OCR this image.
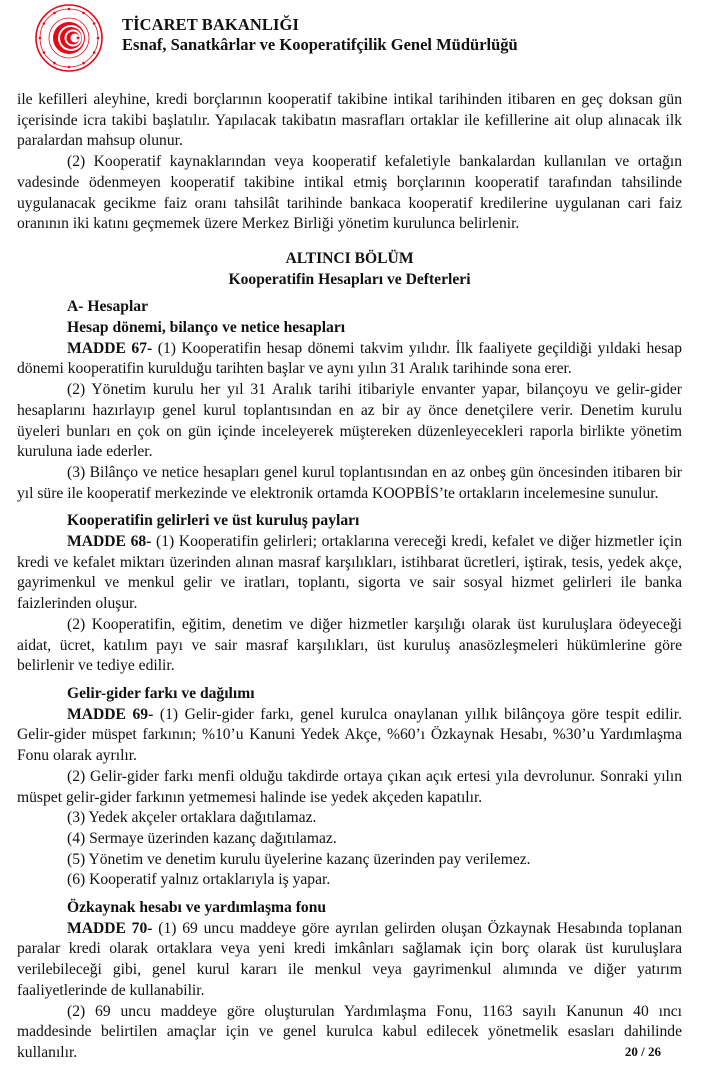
TİCARET BAKANLIĞI
Esnaf, Sanatkârlar ve Kooperatifçilik Genel Müdürlüğü

ile kefilleri aleyhine, kredi borçlarının kooperatif takibine intikal tarihinden itibaren en geç doksan gün içerisinde icra takibi başlatılır. Yapılacak takibatın masrafları ortaklar ile kefillerine ait olup alınacak ilk paralardan mahsup olunur.

(2) Kooperatif kaynaklarından veya kooperatif kefaletiyle bankalardan kullanılan ve ortağın vadesinde ödenmeyen kooperatif takibine intikal etmiş borçlarının kooperatif tarafından tahsilinde uygulanacak gecikme faiz oranı tahsilât tarihinde bankaca kooperatif kredilerine uygulanan cari faiz oranının iki katını geçmemek üzere Merkez Birliği yönetim kurulunca belirlenir.

ALTINCI BÖLÜM

Kooperatifin Hesapları ve Defterleri

A- Hesaplar

Hesap dönemi, bilanço ve netice hesapları

MADDE 67- (1) Kooperatifin hesap dönemi takvim yılıdır. İlk faaliyete geçildiği yıldaki hesap dönemi kooperatifin kurulduğu tarihten başlar ve aynı yılın 31 Aralık tarihinde sona erer.

(2) Yönetim kurulu her yıl 31 Aralık tarihi itibariyle envanter yapar, bilançoyu ve gelir-gider hesaplarını hazırlayıp genel kurul toplantısından en az bir ay önce denetçilere verir. Denetim kurulu üyeleri bunları en çok on gün içinde inceleyerek müştereken düzenleyecekleri raporla birlikte yönetim kuruluna iade ederler.

(3) Bilânço ve netice hesapları genel kurul toplantısından en az onbeş gün öncesinden itibaren bir yıl süre ile kooperatif merkezinde ve elektronik ortamda KOOPBİS’te ortakların incelemesine sunulur.

Kooperatifin gelirleri ve üst kuruluş payları

MADDE 68- (1) Kooperatifin gelirleri; ortaklarına vereceği kredi, kefalet ve diğer hizmetler için kredi ve kefalet miktarı üzerinden alınan masraf karşılıkları, istihbarat ücretleri, iştirak, tesis, yedek akçe, gayrimenkul ve menkul gelir ve iratları, toplantı, sigorta ve sair sosyal hizmet gelirleri ile banka faizlerinden oluşur.

(2) Kooperatifin, eğitim, denetim ve diğer hizmetler karşılığı olarak üst kuruluşlara ödeyeceği aidat, ücret, katılım payı ve sair masraf karşılıkları, üst kuruluş anasözleşmeleri hükümlerine göre belirlenir ve tediye edilir.

Gelir-gider farkı ve dağılımı

MADDE 69- (1) Gelir-gider farkı, genel kurulca onaylanan yıllık bilânçoya göre tespit edilir. Gelir-gider müspet farkının; %10’u Kanuni Yedek Akçe, %60’ı Özkaynak Hesabı, %30’u Yardımlaşma Fonu olarak ayrılır.

(2) Gelir-gider farkı menfi olduğu takdirde ortaya çıkan açık ertesi yıla devrolunur. Sonraki yılın müspet gelir-gider farkının yetmemesi halinde ise yedek akçeden kapatılır.

(3) Yedek akçeler ortaklara dağıtılamaz.

(4) Sermaye üzerinden kazanç dağıtılamaz.

(5) Yönetim ve denetim kurulu üyelerine kazanç üzerinden pay verilemez.

(6) Kooperatif yalnız ortaklarıyla iş yapar.

Özkaynak hesabı ve yardımlaşma fonu

MADDE 70- (1) 69 uncu maddeye göre ayrılan gelirden oluşan Özkaynak Hesabında toplanan paralar kredi olarak ortaklara veya yeni kredi imkânları sağlamak için borç olarak üst kuruluşlara verilebileceği gibi, genel kurul kararı ile menkul veya gayrimenkul alımında ve diğer yatırım faaliyetlerinde de kullanabilir.

(2) 69 uncu maddeye göre oluşturulan Yardımlaşma Fonu, 1163 sayılı Kanunun 40 ıncı maddesinde belirtilen amaçlar için ve genel kurulca kabul edilecek yönetmelik esasları dahilinde kullanılır.	20 / 26
